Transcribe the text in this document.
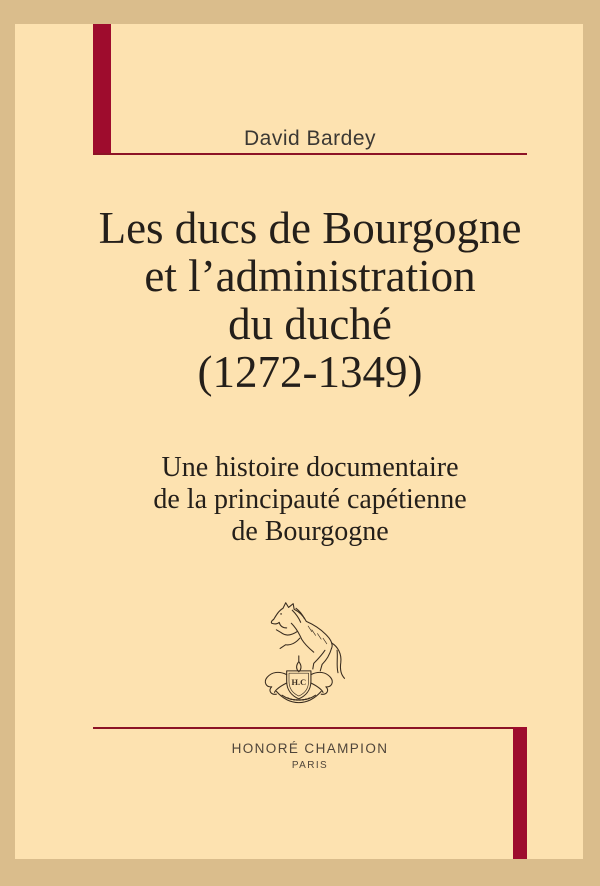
David Bardey
Les ducs de Bourgogne
et l’administration
du duché
(1272-1349)
Une histoire documentaire
de la principauté capétienne
de Bourgogne
H.C
HONORÉ CHAMPION
PARIS
